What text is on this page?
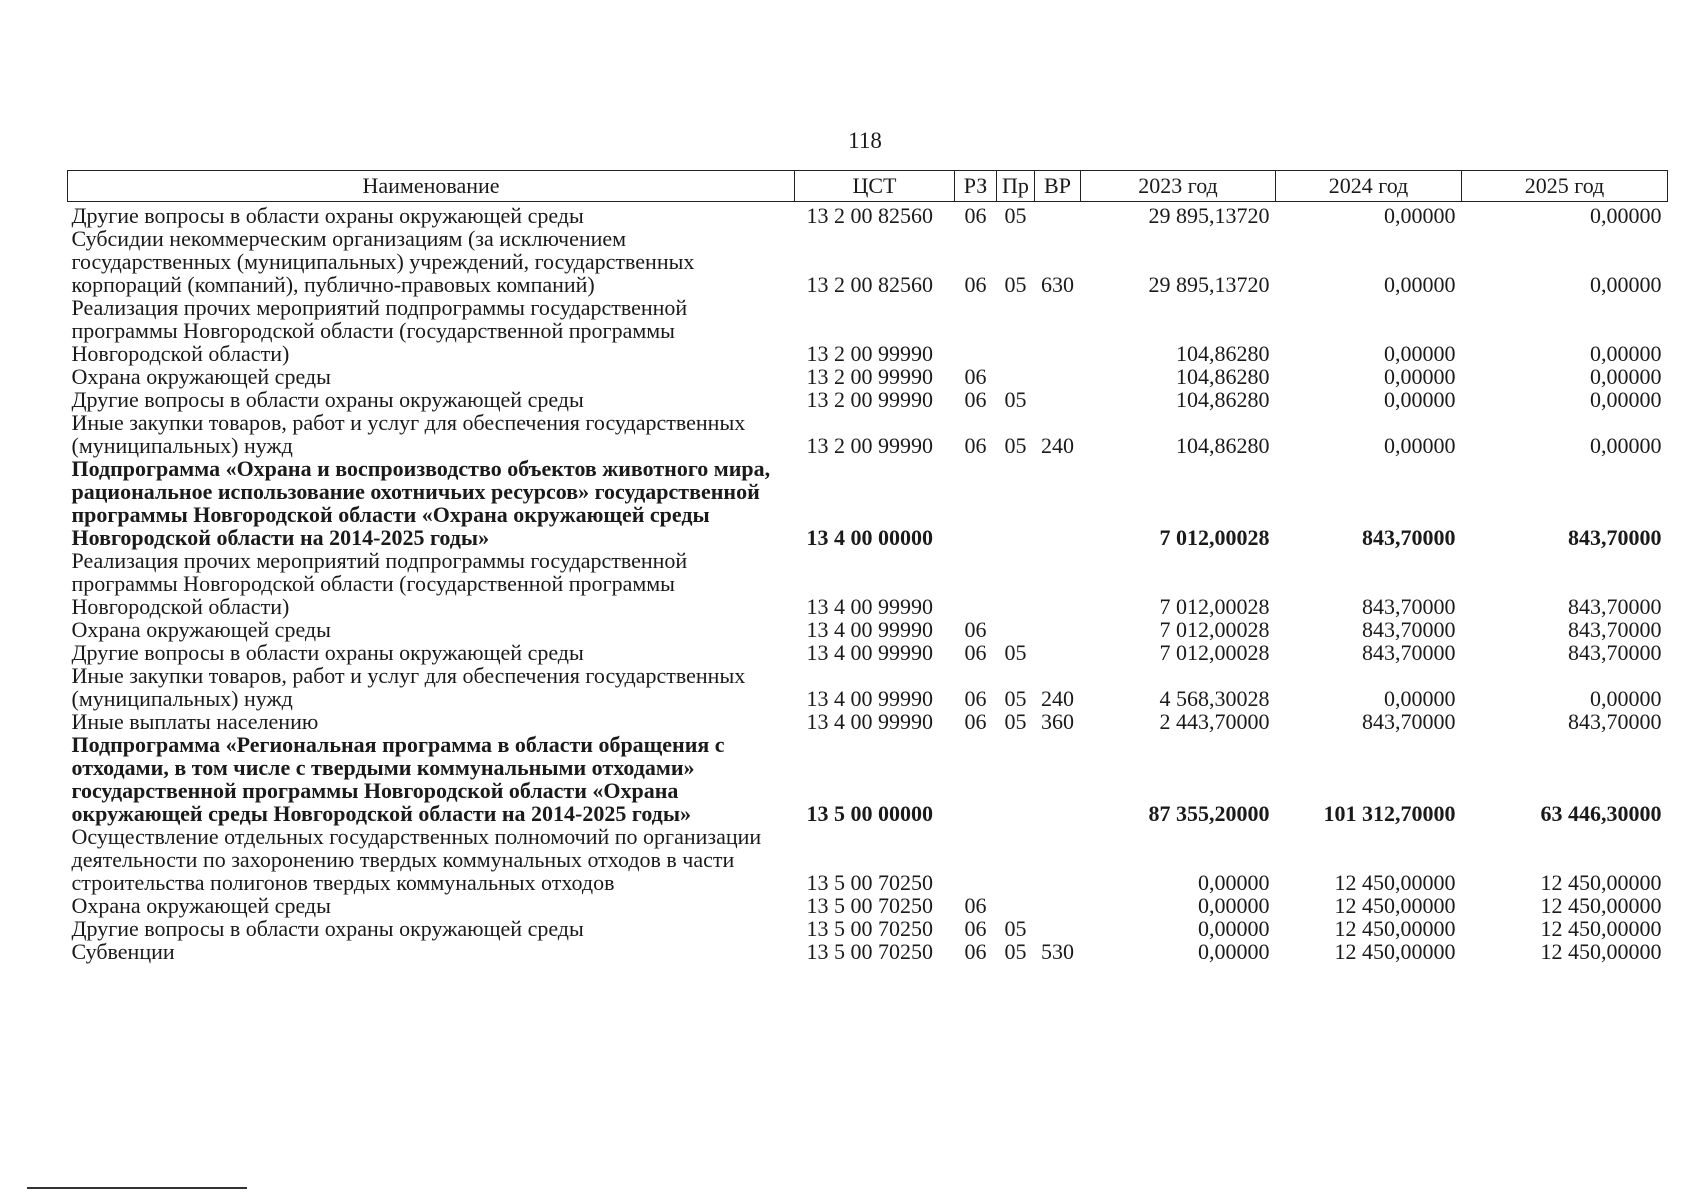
118
Наименование	ЦСТ	РЗ	Пр	ВР	2023 год	2024 год	2025 год
Другие вопросы в области охраны окружающей среды	13 2 00 82560	06	05		29 895,13720	0,00000	0,00000
Субсидии некоммерческим организациям (за исключением государственных (муниципальных) учреждений, государственных корпораций (компаний), публично-правовых компаний)	13 2 00 82560	06	05	630	29 895,13720	0,00000	0,00000
Реализация прочих мероприятий подпрограммы государственной программы Новгородской области (государственной программы Новгородской области)	13 2 00 99990				104,86280	0,00000	0,00000
Охрана окружающей среды	13 2 00 99990	06			104,86280	0,00000	0,00000
Другие вопросы в области охраны окружающей среды	13 2 00 99990	06	05		104,86280	0,00000	0,00000
Иные закупки товаров, работ и услуг для обеспечения государственных (муниципальных) нужд	13 2 00 99990	06	05	240	104,86280	0,00000	0,00000
Подпрограмма «Охрана и воспроизводство объектов животного мира, рациональное использование охотничьих ресурсов» государственной программы Новгородской области «Охрана окружающей среды Новгородской области на 2014-2025 годы»	13 4 00 00000				7 012,00028	843,70000	843,70000
Реализация прочих мероприятий подпрограммы государственной программы Новгородской области (государственной программы Новгородской области)	13 4 00 99990				7 012,00028	843,70000	843,70000
Охрана окружающей среды	13 4 00 99990	06			7 012,00028	843,70000	843,70000
Другие вопросы в области охраны окружающей среды	13 4 00 99990	06	05		7 012,00028	843,70000	843,70000
Иные закупки товаров, работ и услуг для обеспечения государственных (муниципальных) нужд	13 4 00 99990	06	05	240	4 568,30028	0,00000	0,00000
Иные выплаты населению	13 4 00 99990	06	05	360	2 443,70000	843,70000	843,70000
Подпрограмма «Региональная программа в области обращения с отходами, в том числе с твердыми коммунальными отходами» государственной программы Новгородской области «Охрана окружающей среды Новгородской области на 2014-2025 годы»	13 5 00 00000				87 355,20000	101 312,70000	63 446,30000
Осуществление отдельных государственных полномочий по организации деятельности по захоронению твердых коммунальных отходов в части строительства полигонов твердых коммунальных отходов	13 5 00 70250				0,00000	12 450,00000	12 450,00000
Охрана окружающей среды	13 5 00 70250	06			0,00000	12 450,00000	12 450,00000
Другие вопросы в области охраны окружающей среды	13 5 00 70250	06	05		0,00000	12 450,00000	12 450,00000
Субвенции	13 5 00 70250	06	05	530	0,00000	12 450,00000	12 450,00000
